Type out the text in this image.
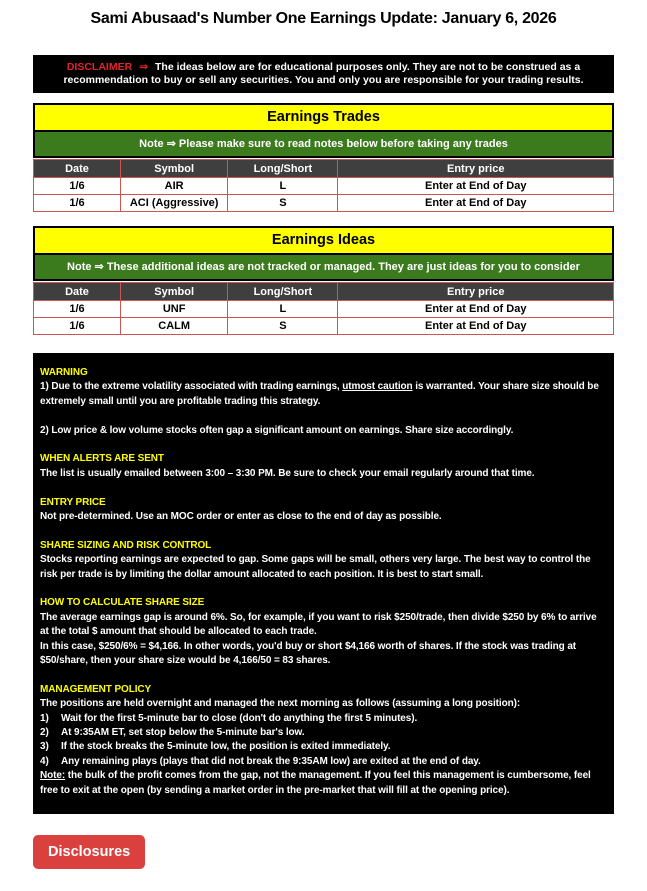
Sami Abusaad's Number One Earnings Update: January 6, 2026
DISCLAIMER ⇒ The ideas below are for educational purposes only. They are not to be construed as a recommendation to buy or sell any securities. You and only you are responsible for your trading results.
Earnings Trades
Note ⇒ Please make sure to read notes below before taking any trades
Date	Symbol	Long/Short	Entry price
1/6	AIR	L	Enter at End of Day
1/6	ACI (Aggressive)	S	Enter at End of Day
Earnings Ideas
Note ⇒ These additional ideas are not tracked or managed. They are just ideas for you to consider
Date	Symbol	Long/Short	Entry price
1/6	UNF	L	Enter at End of Day
1/6	CALM	S	Enter at End of Day
WARNING
1) Due to the extreme volatility associated with trading earnings, utmost caution is warranted. Your share size should be extremely small until you are profitable trading this strategy.
2) Low price & low volume stocks often gap a significant amount on earnings. Share size accordingly.
WHEN ALERTS ARE SENT
The list is usually emailed between 3:00 – 3:30 PM. Be sure to check your email regularly around that time.
ENTRY PRICE
Not pre-determined. Use an MOC order or enter as close to the end of day as possible.
SHARE SIZING AND RISK CONTROL
Stocks reporting earnings are expected to gap. Some gaps will be small, others very large. The best way to control the risk per trade is by limiting the dollar amount allocated to each position. It is best to start small.
HOW TO CALCULATE SHARE SIZE
The average earnings gap is around 6%. So, for example, if you want to risk $250/trade, then divide $250 by 6% to arrive at the total $ amount that should be allocated to each trade.
In this case, $250/6% = $4,166. In other words, you'd buy or short $4,166 worth of shares. If the stock was trading at $50/share, then your share size would be 4,166/50 = 83 shares.
MANAGEMENT POLICY
The positions are held overnight and managed the next morning as follows (assuming a long position):
1) Wait for the first 5-minute bar to close (don't do anything the first 5 minutes).
2) At 9:35AM ET, set stop below the 5-minute bar's low.
3) If the stock breaks the 5-minute low, the position is exited immediately.
4) Any remaining plays (plays that did not break the 9:35AM low) are exited at the end of day.
Note: the bulk of the profit comes from the gap, not the management. If you feel this management is cumbersome, feel free to exit at the open (by sending a market order in the pre-market that will fill at the opening price).
Disclosures
